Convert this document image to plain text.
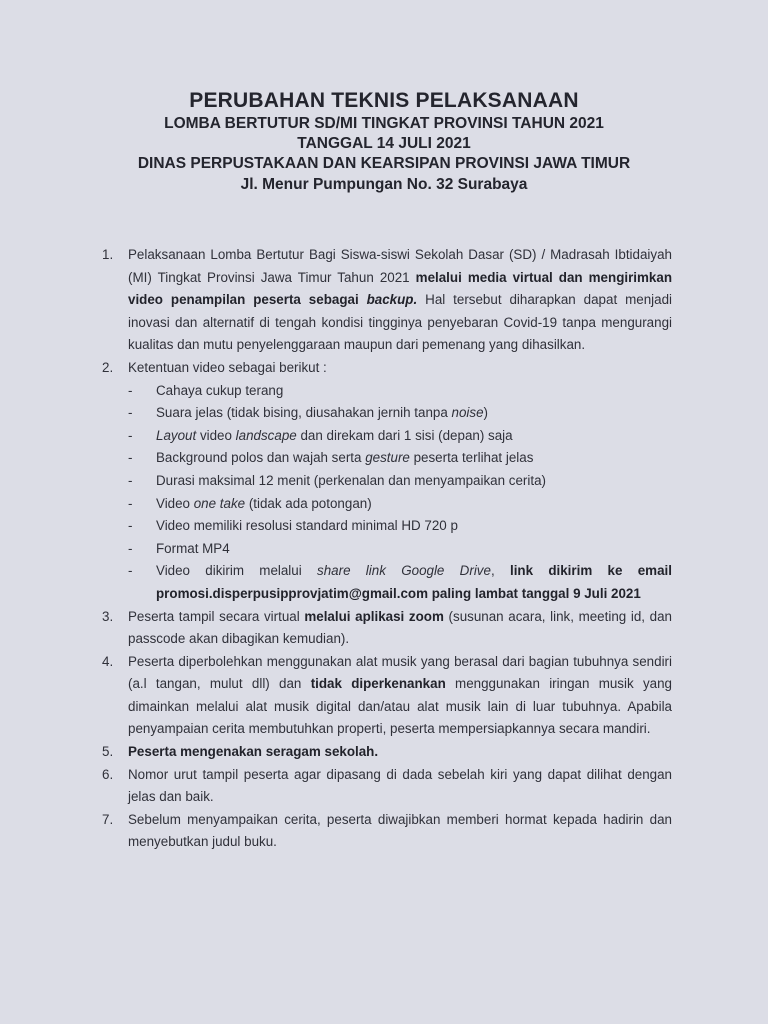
PERUBAHAN TEKNIS PELAKSANAAN
LOMBA BERTUTUR SD/MI TINGKAT PROVINSI TAHUN 2021
TANGGAL 14 JULI 2021
DINAS PERPUSTAKAAN DAN KEARSIPAN PROVINSI JAWA TIMUR
Jl. Menur Pumpungan No. 32 Surabaya
1.	Pelaksanaan Lomba Bertutur Bagi Siswa-siswi Sekolah Dasar (SD) / Madrasah Ibtidaiyah (MI) Tingkat Provinsi Jawa Timur Tahun 2021 melalui media virtual dan mengirimkan video penampilan peserta sebagai backup. Hal tersebut diharapkan dapat menjadi inovasi dan alternatif di tengah kondisi tingginya penyebaran Covid-19 tanpa mengurangi kualitas dan mutu penyelenggaraan maupun dari pemenang yang dihasilkan.
2.	Ketentuan video sebagai berikut :
-	Cahaya cukup terang
-	Suara jelas (tidak bising, diusahakan jernih tanpa noise)
-	Layout video landscape dan direkam dari 1 sisi (depan) saja
-	Background polos dan wajah serta gesture peserta terlihat jelas
-	Durasi maksimal 12 menit (perkenalan dan menyampaikan cerita)
-	Video one take (tidak ada potongan)
-	Video memiliki resolusi standard minimal HD 720 p
-	Format MP4
-	Video dikirim melalui share link Google Drive, link dikirim ke email promosi.disperpusipprovjatim@gmail.com paling lambat tanggal 9 Juli 2021
3.	Peserta tampil secara virtual melalui aplikasi zoom (susunan acara, link, meeting id, dan passcode akan dibagikan kemudian).
4.	Peserta diperbolehkan menggunakan alat musik yang berasal dari bagian tubuhnya sendiri (a.l tangan, mulut dll) dan tidak diperkenankan menggunakan iringan musik yang dimainkan melalui alat musik digital dan/atau alat musik lain di luar tubuhnya. Apabila penyampaian cerita membutuhkan properti, peserta mempersiapkannya secara mandiri.
5.	Peserta mengenakan seragam sekolah.
6.	Nomor urut tampil peserta agar dipasang di dada sebelah kiri yang dapat dilihat dengan jelas dan baik.
7.	Sebelum menyampaikan cerita, peserta diwajibkan memberi hormat kepada hadirin dan menyebutkan judul buku.
